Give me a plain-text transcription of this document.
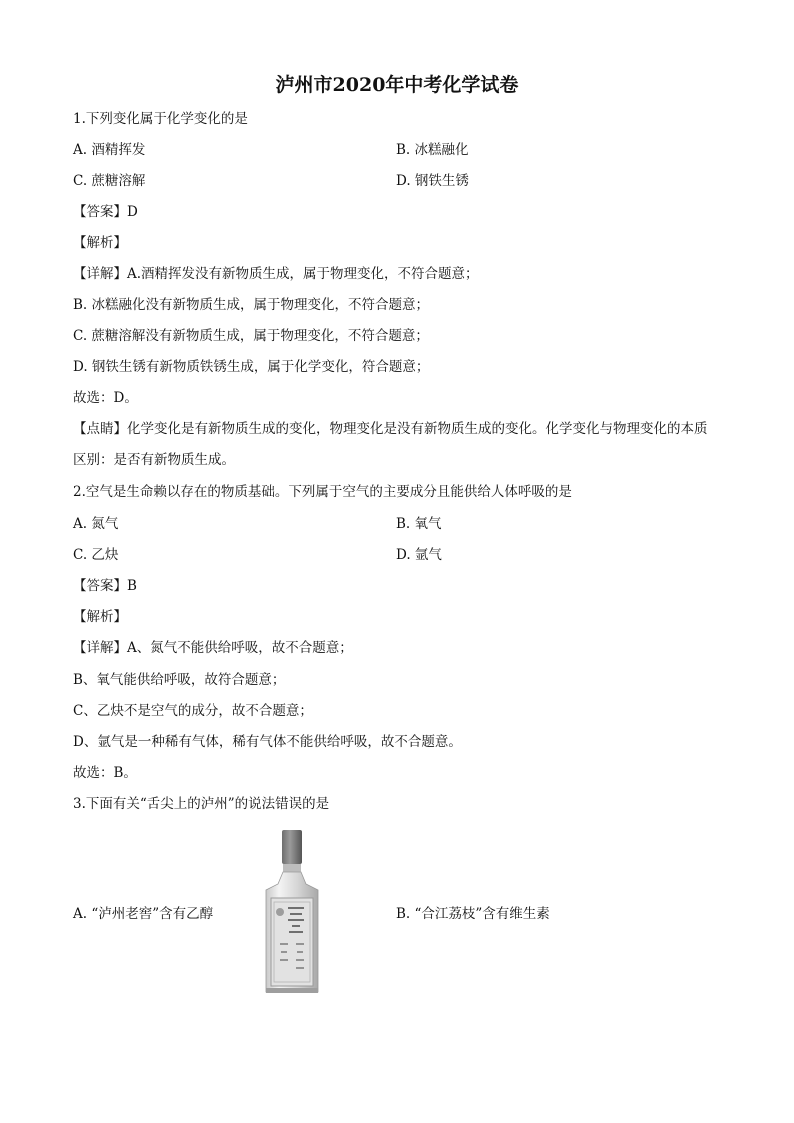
泸州市2020年中考化学试卷
1.下列变化属于化学变化的是
A. 酒精挥发	B. 冰糕融化
C. 蔗糖溶解	D. 钢铁生锈
【答案】D
【解析】
【详解】A.酒精挥发没有新物质生成，属于物理变化，不符合题意；
B. 冰糕融化没有新物质生成，属于物理变化，不符合题意；
C. 蔗糖溶解没有新物质生成，属于物理变化，不符合题意；
D. 钢铁生锈有新物质铁锈生成，属于化学变化，符合题意；
故选：D。
【点睛】化学变化是有新物质生成的变化，物理变化是没有新物质生成的变化。化学变化与物理变化的本质区别：是否有新物质生成。
2.空气是生命赖以存在的物质基础。下列属于空气的主要成分且能供给人体呼吸的是
A. 氮气	B. 氧气
C. 乙炔	D. 氩气
【答案】B
【解析】
【详解】A、氮气不能供给呼吸，故不合题意；
B、氧气能供给呼吸，故符合题意；
C、乙炔不是空气的成分，故不合题意；
D、氩气是一种稀有气体，稀有气体不能供给呼吸，故不合题意。
故选：B。
3.下面有关“舌尖上的泸州”的说法错误的是
A. “泸州老窖”含有乙醇	B. “合江荔枝”含有维生素
